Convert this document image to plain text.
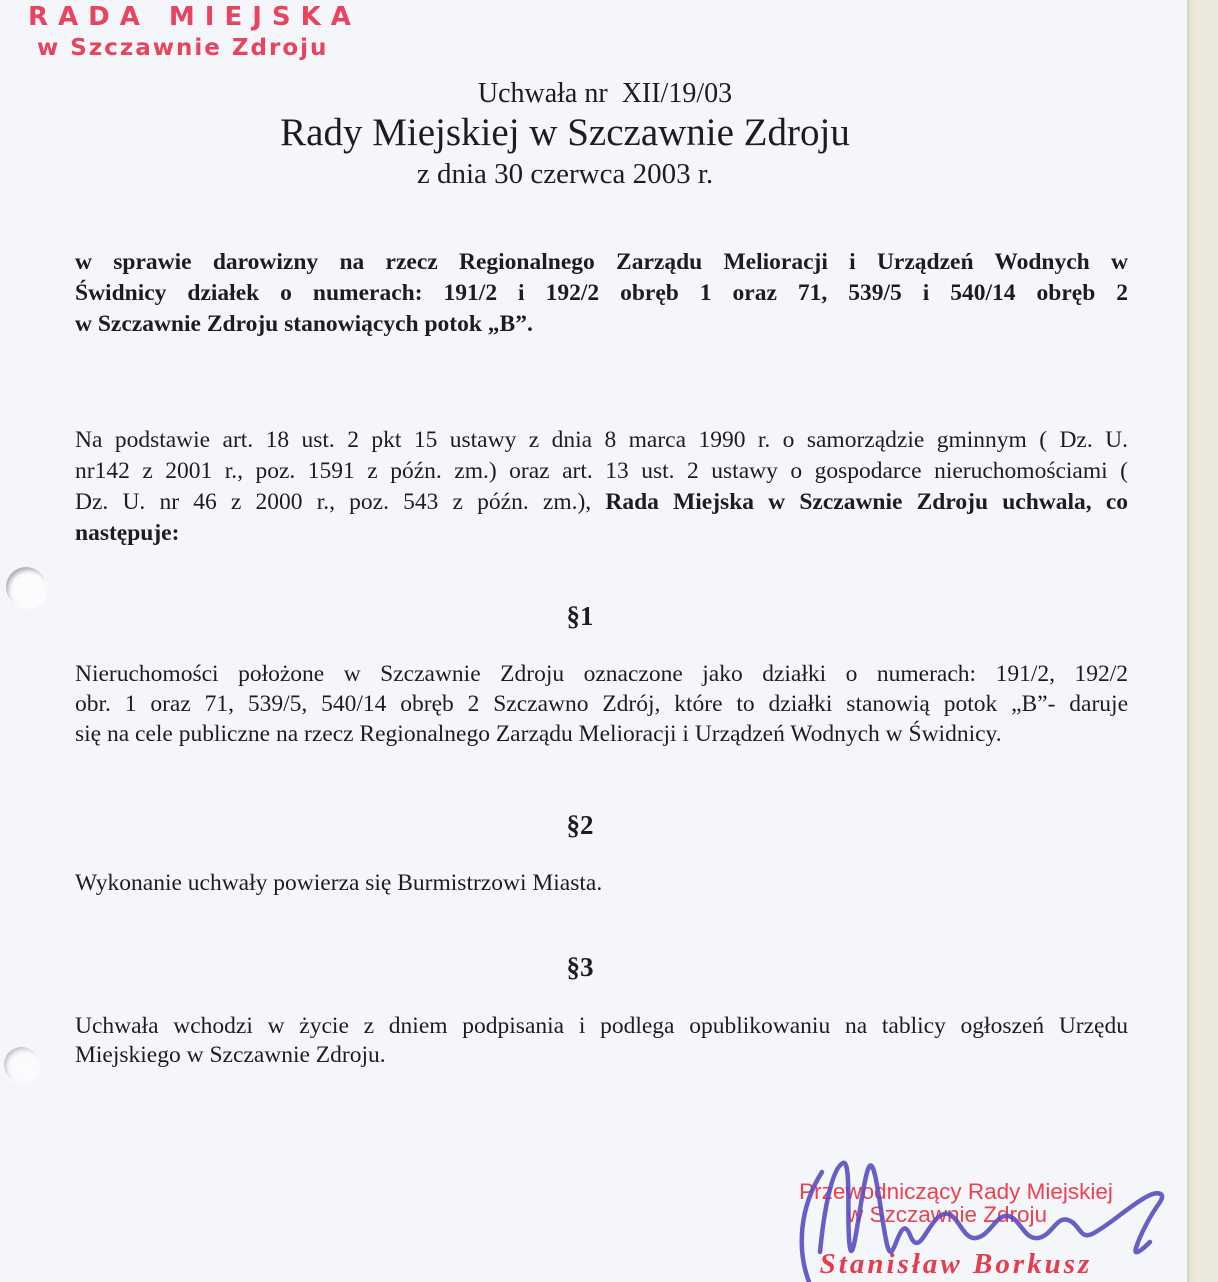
RADA MIEJSKA
w Szczawnie Zdroju
Uchwała nr  XII/19/03
Rady Miejskiej w Szczawnie Zdroju
z dnia 30 czerwca 2003 r.
w sprawie darowizny na rzecz Regionalnego Zarządu Melioracji i Urządzeń Wodnych w
Świdnicy działek o numerach: 191/2 i 192/2 obręb 1 oraz 71, 539/5 i 540/14 obręb 2
w Szczawnie Zdroju stanowiących potok „B”.
Na podstawie art. 18 ust. 2 pkt 15 ustawy z dnia 8 marca 1990 r. o samorządzie gminnym ( Dz. U.
nr142 z 2001 r., poz. 1591 z późn. zm.) oraz art. 13 ust. 2 ustawy o gospodarce nieruchomościami (
Dz. U. nr 46 z 2000 r., poz. 543 z późn. zm.), Rada Miejska w Szczawnie Zdroju uchwala, co
następuje:
§1
Nieruchomości położone w Szczawnie Zdroju oznaczone jako działki o numerach: 191/2, 192/2
obr. 1 oraz 71, 539/5, 540/14 obręb 2 Szczawno Zdrój, które to działki stanowią potok „B”- daruje
się na cele publiczne na rzecz Regionalnego Zarządu Melioracji i Urządzeń Wodnych w Świdnicy.
§2
Wykonanie uchwały powierza się Burmistrzowi Miasta.
§3
Uchwała wchodzi w życie z dniem podpisania i podlega opublikowaniu na tablicy ogłoszeń Urzędu
Miejskiego w Szczawnie Zdroju.
Przewodniczący Rady Miejskiej
w Szczawnie Zdroju
Stanisław Borkusz
